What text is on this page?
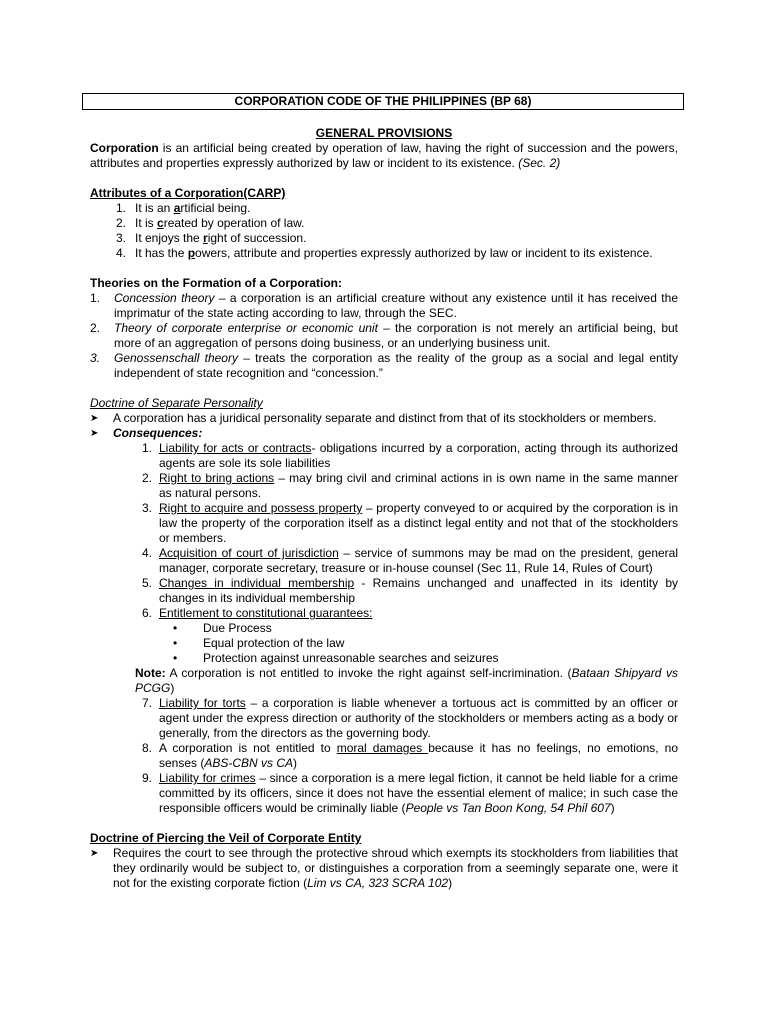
CORPORATION CODE OF THE PHILIPPINES (BP 68)
GENERAL PROVISIONS
Corporation is an artificial being created by operation of law, having the right of succession and the powers, attributes and properties expressly authorized by law or incident to its existence. (Sec. 2)
Attributes of a Corporation(CARP)
1. It is an artificial being.
2. It is created by operation of law.
3. It enjoys the right of succession.
4. It has the powers, attribute and properties expressly authorized by law or incident to its existence.
Theories on the Formation of a Corporation:
1.	Concession theory – a corporation is an artificial creature without any existence until it has received the imprimatur of the state acting according to law, through the SEC.
2.	Theory of corporate enterprise or economic unit – the corporation is not merely an artificial being, but more of an aggregation of persons doing business, or an underlying business unit.
3.	Genossenschall theory – treats the corporation as the reality of the group as a social and legal entity independent of state recognition and “concession.”
Doctrine of Separate Personality
➤	A corporation has a juridical personality separate and distinct from that of its stockholders or members.
➤	Consequences:
1. Liability for acts or contracts- obligations incurred by a corporation, acting through its authorized agents are sole its sole liabilities
2. Right to bring actions – may bring civil and criminal actions in is own name in the same manner as natural persons.
3. Right to acquire and possess property – property conveyed to or acquired by the corporation is in law the property of the corporation itself as a distinct legal entity and not that of the stockholders or members.
4. Acquisition of court of jurisdiction – service of summons may be mad on the president, general manager, corporate secretary, treasure or in-house counsel (Sec 11, Rule 14, Rules of Court)
5. Changes in individual membership - Remains unchanged and unaffected in its identity by changes in its individual membership
6. Entitlement to constitutional guarantees:
•	Due Process
•	Equal protection of the law
•	Protection against unreasonable searches and seizures
Note: A corporation is not entitled to invoke the right against self-incrimination. (Bataan Shipyard vs PCGG)
7. Liability for torts – a corporation is liable whenever a tortuous act is committed by an officer or agent under the express direction or authority of the stockholders or members acting as a body or generally, from the directors as the governing body.
8. A corporation is not entitled to moral damages because it has no feelings, no emotions, no senses (ABS-CBN vs CA)
9. Liability for crimes – since a corporation is a mere legal fiction, it cannot be held liable for a crime committed by its officers, since it does not have the essential element of malice; in such case the responsible officers would be criminally liable (People vs Tan Boon Kong, 54 Phil 607)
Doctrine of Piercing the Veil of Corporate Entity
➤	Requires the court to see through the protective shroud which exempts its stockholders from liabilities that they ordinarily would be subject to, or distinguishes a corporation from a seemingly separate one, were it not for the existing corporate fiction (Lim vs CA, 323 SCRA 102)
